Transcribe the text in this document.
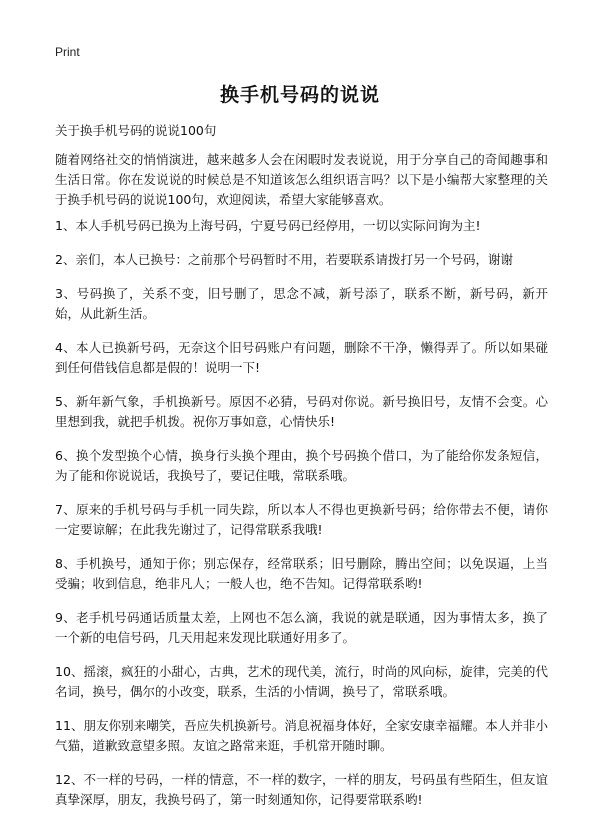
Print
换手机号码的说说
关于换手机号码的说说100句
随着网络社交的悄悄演进，越来越多人会在闲暇时发表说说，用于分享自己的奇闻趣事和生活日常。你在发说说的时候总是不知道该怎么组织语言吗？以下是小编帮大家整理的关于换手机号码的说说100句，欢迎阅读，希望大家能够喜欢。

1、本人手机号码已换为上海号码，宁夏号码已经停用，一切以实际问询为主!

2、亲们，本人已换号：之前那个号码暂时不用，若要联系请拨打另一个号码，谢谢

3、号码换了，关系不变，旧号删了，思念不减，新号添了，联系不断，新号码，新开始，从此新生活。

4、本人已换新号码，无奈这个旧号码账户有问题，删除不干净，懒得弄了。所以如果碰到任何借钱信息都是假的！说明一下!

5、新年新气象，手机换新号。原因不必猜，号码对你说。新号换旧号，友情不会变。心里想到我，就把手机拨。祝你万事如意，心情快乐!

6、换个发型换个心情，换身行头换个理由，换个号码换个借口，为了能给你发条短信，为了能和你说说话，我换号了，要记住哦，常联系哦。

7、原来的手机号码与手机一同失踪，所以本人不得也更换新号码；给你带去不便，请你一定要谅解；在此我先谢过了，记得常联系我哦!

8、手机换号，通知于你；别忘保存，经常联系；旧号删除，腾出空间；以免误逼，上当受骗；收到信息，绝非凡人；一般人也，绝不告知。记得常联系哟!

9、老手机号码通话质量太差，上网也不怎么滴，我说的就是联通，因为事情太多，换了一个新的电信号码，几天用起来发现比联通好用多了。

10、摇滚，疯狂的小甜心，古典，艺术的现代美，流行，时尚的风向标，旋律，完美的代名词，换号，偶尔的小改变，联系，生活的小情调，换号了，常联系哦。

11、朋友你别来嘲笑，吾应失机换新号。消息祝福身体好，全家安康幸福耀。本人并非小气猫，道歉致意望多照。友谊之路常来逛，手机常开随时聊。

12、不一样的号码，一样的情意，不一样的数字，一样的朋友，号码虽有些陌生，但友谊真挚深厚，朋友，我换号码了，第一时刻通知你，记得要常联系哟!
